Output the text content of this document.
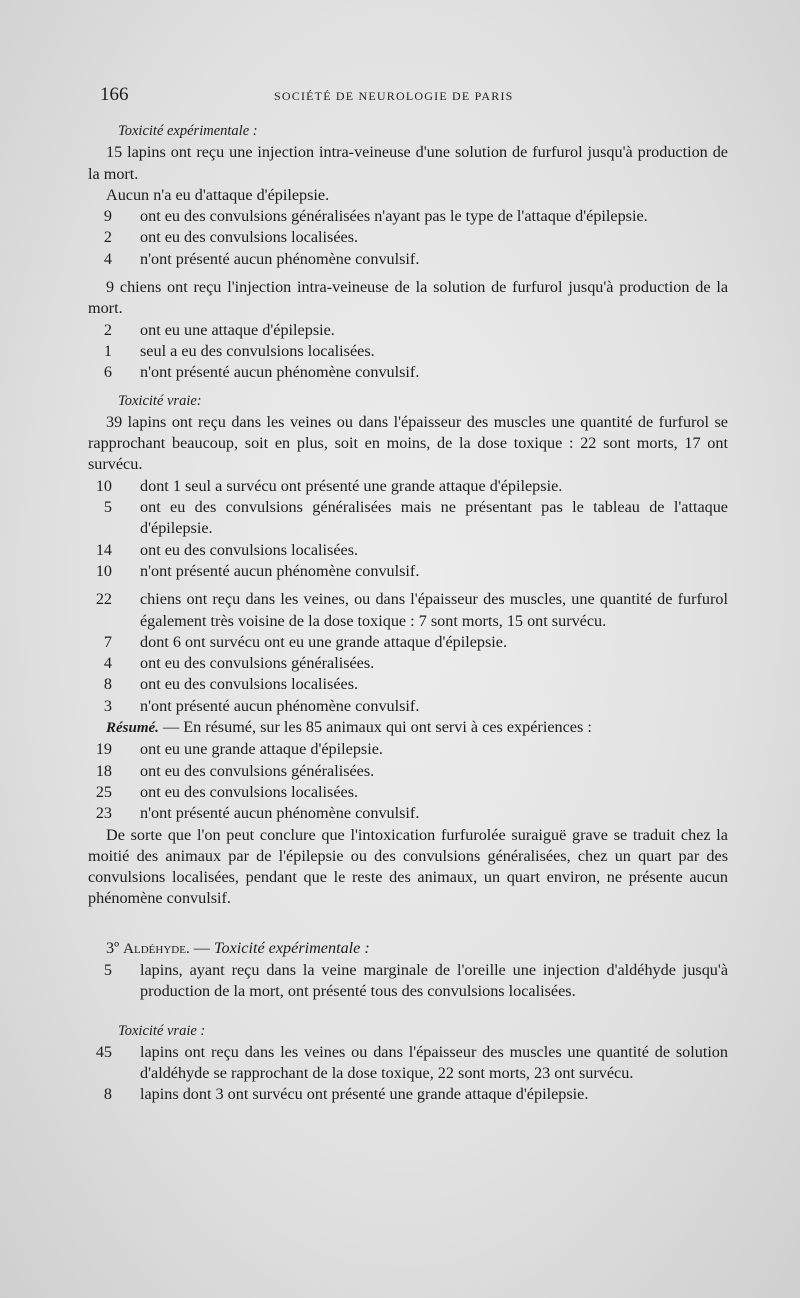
166	SOCIÉTÉ DE NEUROLOGIE DE PARIS

Toxicité expérimentale :

15 lapins ont reçu une injection intra-veineuse d'une solution de furfurol jusqu'à production de la mort.

Aucun n'a eu d'attaque d'épilepsie.

9 ont eu des convulsions généralisées n'ayant pas le type de l'attaque d'épilepsie.

2 ont eu des convulsions localisées.

4 n'ont présenté aucun phénomène convulsif.

9 chiens ont reçu l'injection intra-veineuse de la solution de furfurol jusqu'à production de la mort.

2 ont eu une attaque d'épilepsie.

1 seul a eu des convulsions localisées.

6 n'ont présenté aucun phénomène convulsif.

Toxicité vraie:

39 lapins ont reçu dans les veines ou dans l'épaisseur des muscles une quantité de furfurol se rapprochant beaucoup, soit en plus, soit en moins, de la dose toxique : 22 sont morts, 17 ont survécu.

10 dont 1 seul a survécu ont présenté une grande attaque d'épilepsie.

5 ont eu des convulsions généralisées mais ne présentant pas le tableau de l'attaque d'épilepsie.

14 ont eu des convulsions localisées.

10 n'ont présenté aucun phénomène convulsif.

22 chiens ont reçu dans les veines, ou dans l'épaisseur des muscles, une quantité de furfurol également très voisine de la dose toxique : 7 sont morts, 15 ont survécu.

7 dont 6 ont survécu ont eu une grande attaque d'épilepsie.

4 ont eu des convulsions généralisées.

8 ont eu des convulsions localisées.

3 n'ont présenté aucun phénomène convulsif.

Résumé. — En résumé, sur les 85 animaux qui ont servi à ces expériences :

19 ont eu une grande attaque d'épilepsie.

18 ont eu des convulsions généralisées.

25 ont eu des convulsions localisées.

23 n'ont présenté aucun phénomène convulsif.

De sorte que l'on peut conclure que l'intoxication furfurolée suraiguë grave se traduit chez la moitié des animaux par de l'épilepsie ou des convulsions généralisées, chez un quart par des convulsions localisées, pendant que le reste des animaux, un quart environ, ne présente aucun phénomène convulsif.

3º Aldéhyde. — Toxicité expérimentale :

5 lapins, ayant reçu dans la veine marginale de l'oreille une injection d'aldéhyde jusqu'à production de la mort, ont présenté tous des convulsions localisées.

Toxicité vraie :

45 lapins ont reçu dans les veines ou dans l'épaisseur des muscles une quantité de solution d'aldéhyde se rapprochant de la dose toxique, 22 sont morts, 23 ont survécu.

8 lapins dont 3 ont survécu ont présenté une grande attaque d'épilepsie.
